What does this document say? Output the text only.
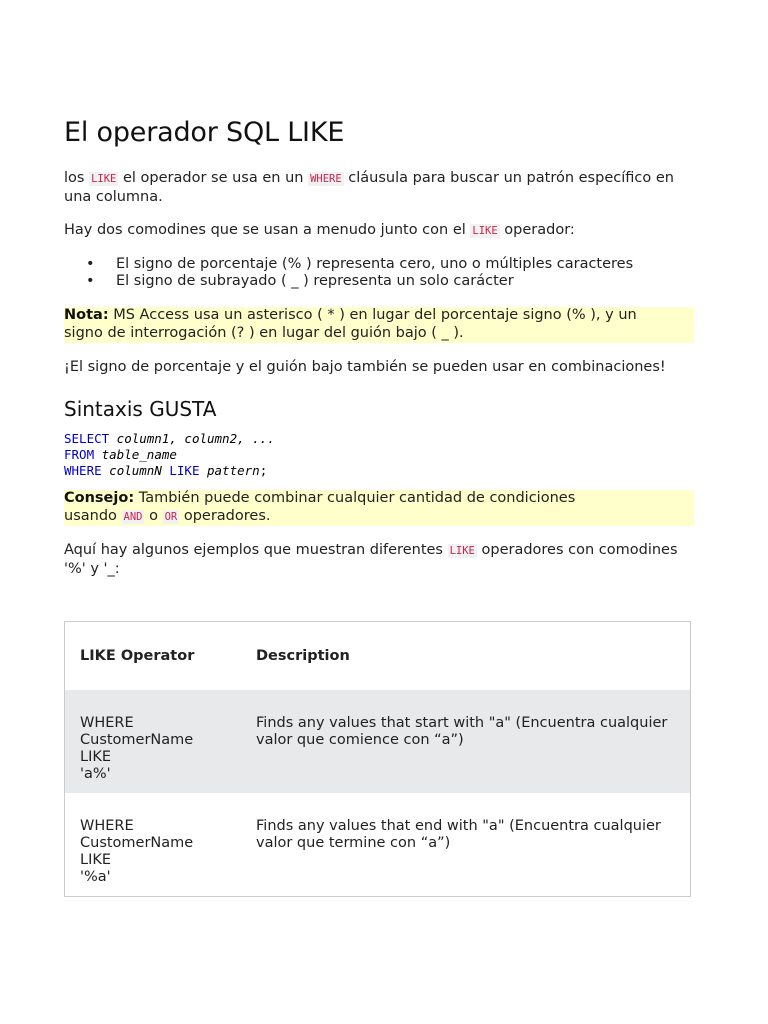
El operador SQL LIKE

los LIKE el operador se usa en un WHERE cláusula para buscar un patrón específico en
una columna.

Hay dos comodines que se usan a menudo junto con el LIKE operador:

• El signo de porcentaje (% ) representa cero, uno o múltiples caracteres
• El signo de subrayado ( _ ) representa un solo carácter
Nota: MS Access usa un asterisco ( * ) en lugar del porcentaje signo (% ), y un
signo de interrogación (? ) en lugar del guión bajo ( _ ).

¡El signo de porcentaje y el guión bajo también se pueden usar en combinaciones!

Sintaxis GUSTA
SELECT column1, column2, ...
FROM table_name
WHERE columnN LIKE pattern;
Consejo: También puede combinar cualquier cantidad de condiciones
usando AND o OR operadores.

Aquí hay algunos ejemplos que muestran diferentes LIKE operadores con comodines
'%' y '_:

LIKE Operator	Description
WHERE
CustomerName LIKE
'a%'	Finds any values that start with "a" (Encuentra cualquier
valor que comience con “a”)
WHERE
CustomerName LIKE
'%a'	Finds any values that end with "a" (Encuentra cualquier
valor que termine con “a”)
